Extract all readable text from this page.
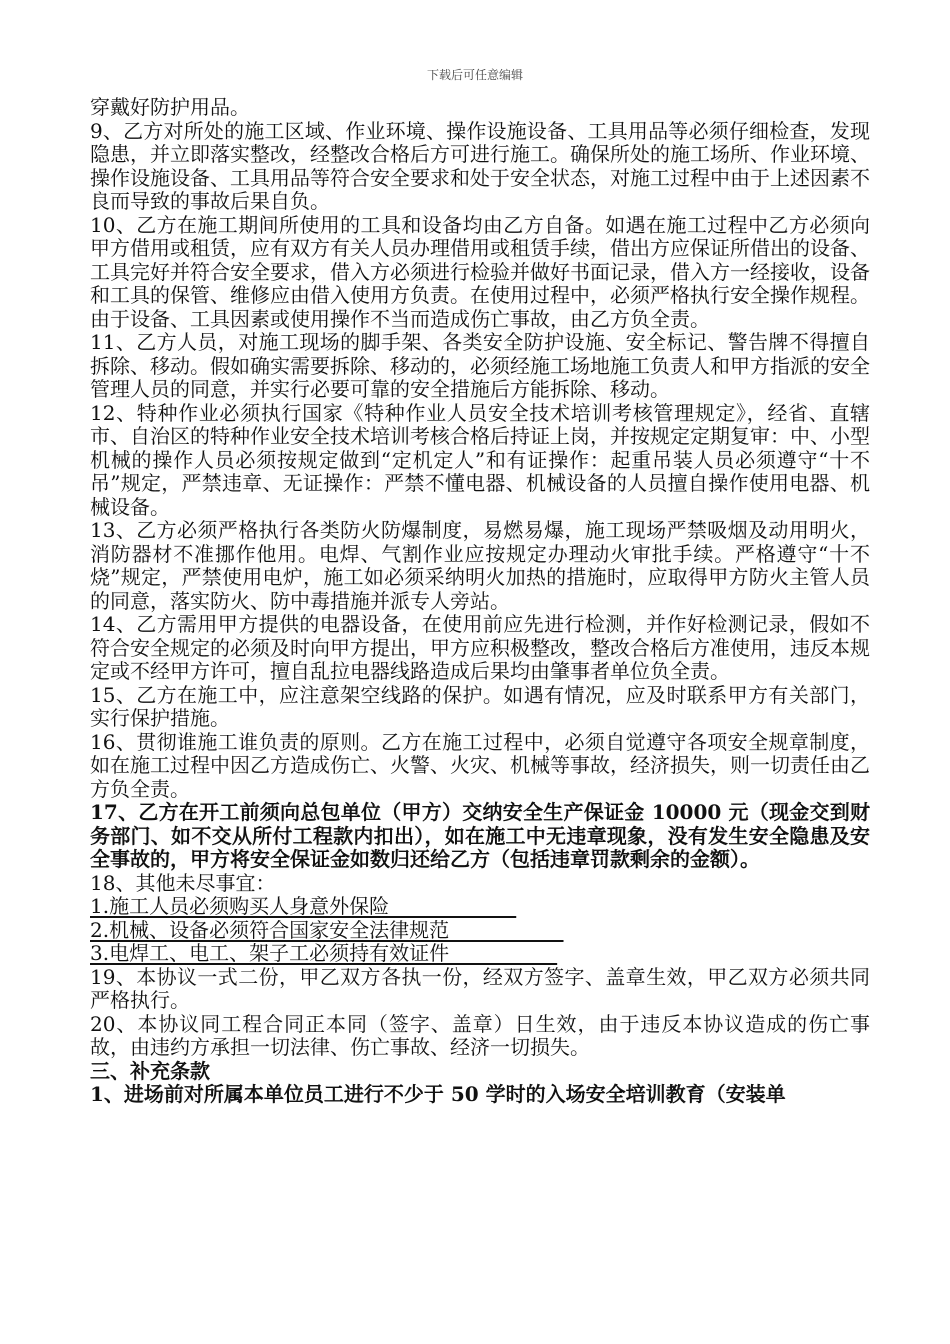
下载后可任意编辑

穿戴好防护用品。

9、乙方对所处的施工区域、作业环境、操作设施设备、工具用品等必须仔细检查，发现隐患，并立即落实整改，经整改合格后方可进行施工。确保所处的施工场所、作业环境、操作设施设备、工具用品等符合安全要求和处于安全状态，对施工过程中由于上述因素不良而导致的事故后果自负。

10、乙方在施工期间所使用的工具和设备均由乙方自备。如遇在施工过程中乙方必须向甲方借用或租赁，应有双方有关人员办理借用或租赁手续，借出方应保证所借出的设备、工具完好并符合安全要求，借入方必须进行检验并做好书面记录，借入方一经接收，设备和工具的保管、维修应由借入使用方负责。在使用过程中，必须严格执行安全操作规程。由于设备、工具因素或使用操作不当而造成伤亡事故，由乙方负全责。

11、乙方人员，对施工现场的脚手架、各类安全防护设施、安全标记、警告牌不得擅自拆除、移动。假如确实需要拆除、移动的，必须经施工场地施工负责人和甲方指派的安全管理人员的同意，并实行必要可靠的安全措施后方能拆除、移动。

12、特种作业必须执行国家《特种作业人员安全技术培训考核管理规定》，经省、直辖市、自治区的特种作业安全技术培训考核合格后持证上岗，并按规定定期复审：中、小型机械的操作人员必须按规定做到“定机定人”和有证操作：起重吊装人员必须遵守“十不吊”规定，严禁违章、无证操作：严禁不懂电器、机械设备的人员擅自操作使用电器、机械设备。

13、乙方必须严格执行各类防火防爆制度，易燃易爆，施工现场严禁吸烟及动用明火，消防器材不准挪作他用。电焊、气割作业应按规定办理动火审批手续。严格遵守“十不烧”规定，严禁使用电炉，施工如必须采纳明火加热的措施时，应取得甲方防火主管人员的同意，落实防火、防中毒措施并派专人旁站。

14、乙方需用甲方提供的电器设备，在使用前应先进行检测，并作好检测记录，假如不符合安全规定的必须及时向甲方提出，甲方应积极整改，整改合格后方准使用，违反本规定或不经甲方许可，擅自乱拉电器线路造成后果均由肇事者单位负全责。

15、乙方在施工中，应注意架空线路的保护。如遇有情况，应及时联系甲方有关部门，实行保护措施。

16、贯彻谁施工谁负责的原则。乙方在施工过程中，必须自觉遵守各项安全规章制度，如在施工过程中因乙方造成伤亡、火警、火灾、机械等事故，经济损失，则一切责任由乙方负全责。

17、乙方在开工前须向总包单位（甲方）交纳安全生产保证金 10000 元（现金交到财务部门、如不交从所付工程款内扣出），如在施工中无违章现象，没有发生安全隐患及安全事故的，甲方将安全保证金如数归还给乙方（包括违章罚款剩余的金额）。

18、其他未尽事宜：

1.施工人员必须购买人身意外保险
2.机械、设备必须符合国家安全法律规范
3.电焊工、电工、架子工必须持有效证件

19、本协议一式二份，甲乙双方各执一份，经双方签字、盖章生效，甲乙双方必须共同严格执行。

20、本协议同工程合同正本同（签字、盖章）日生效，由于违反本协议造成的伤亡事故，由违约方承担一切法律、伤亡事故、经济一切损失。

三、补充条款

1、进场前对所属本单位员工进行不少于 50 学时的入场安全培训教育（安装单
